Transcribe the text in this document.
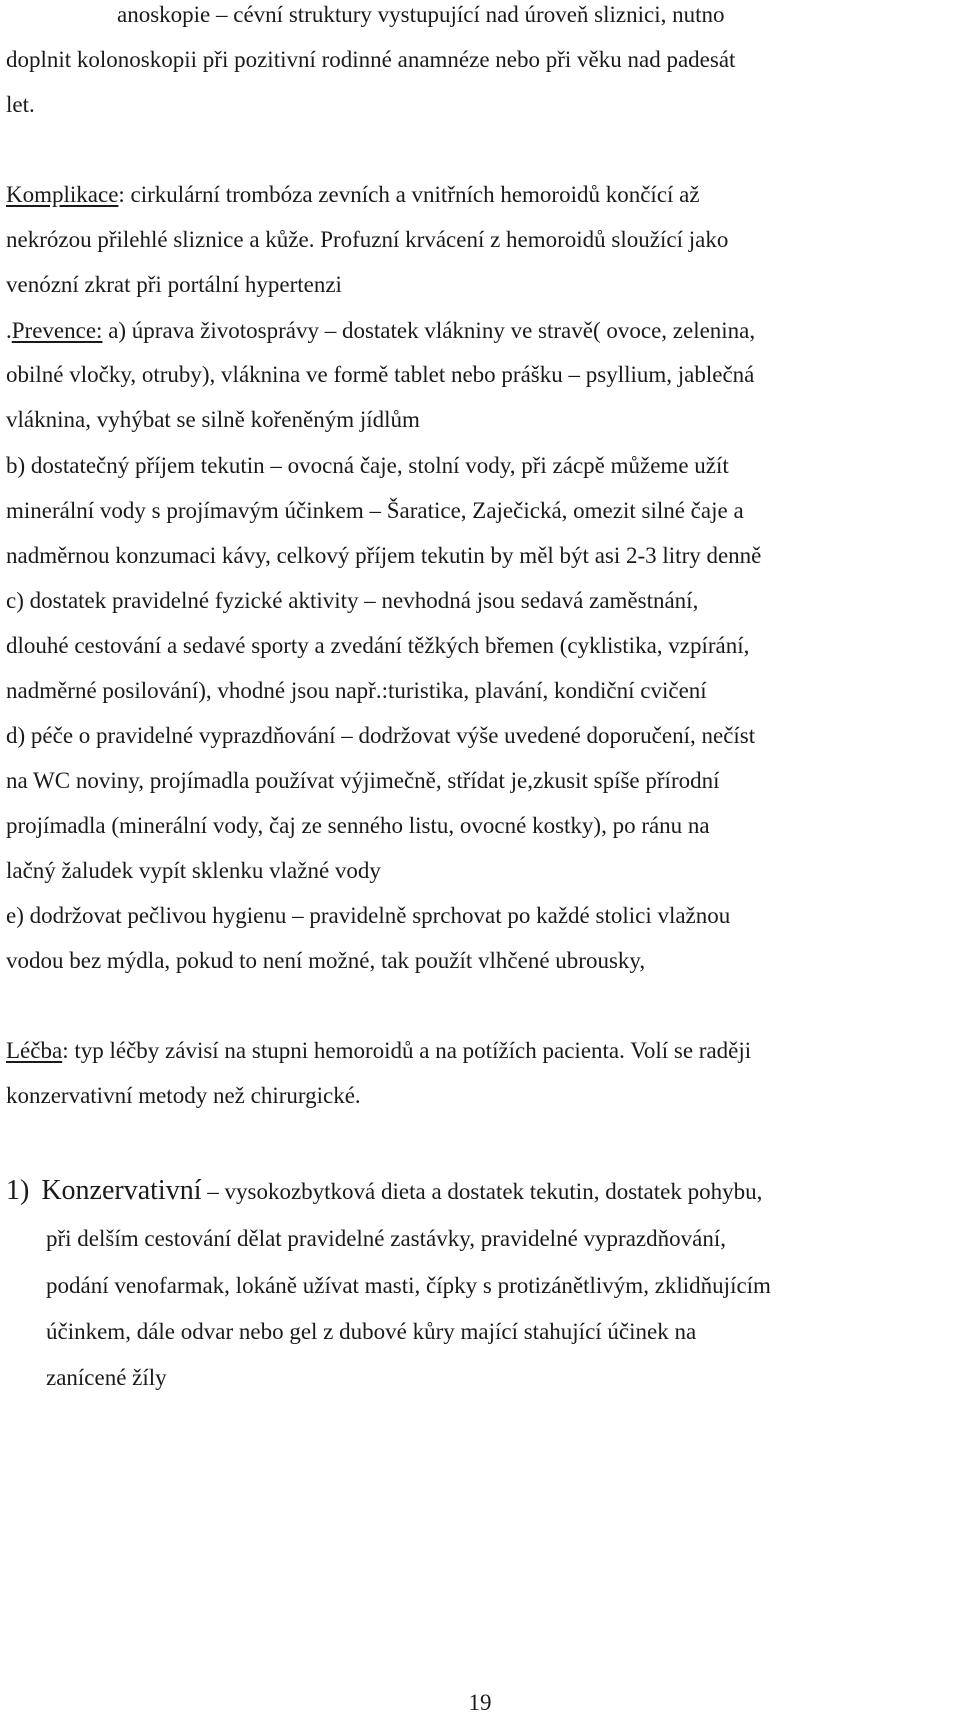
anoskopie – cévní struktury vystupující nad úroveň sliznici, nutno
doplnit kolonoskopii při pozitivní rodinné anamnéze nebo při věku nad padesát
let.
Komplikace: cirkulární trombóza zevních a vnitřních hemoroidů končící až
nekrózou přilehlé sliznice a kůže. Profuzní krvácení z hemoroidů sloužící jako
venózní zkrat při portální hypertenzi
.Prevence: a) úprava životosprávy – dostatek vlákniny ve stravě( ovoce, zelenina,
obilné vločky, otruby), vláknina ve formě tablet nebo prášku – psyllium, jablečná
vláknina, vyhýbat se silně kořeněným jídlům
b) dostatečný příjem tekutin – ovocná čaje, stolní vody, při zácpě můžeme užít
minerální vody s projímavým účinkem – Šaratice, Zaječická, omezit silné čaje a
nadměrnou konzumaci kávy, celkový příjem tekutin by měl být asi 2-3 litry denně
c) dostatek pravidelné fyzické aktivity – nevhodná jsou sedavá zaměstnání,
dlouhé cestování a sedavé sporty a zvedání těžkých břemen (cyklistika, vzpírání,
nadměrné posilování), vhodné jsou např.:turistika, plavání, kondiční cvičení
d) péče o pravidelné vyprazdňování – dodržovat výše uvedené doporučení, nečíst
na WC noviny, projímadla používat výjimečně, střídat je,zkusit spíše přírodní
projímadla (minerální vody, čaj ze senného listu, ovocné kostky), po ránu na
lačný žaludek vypít sklenku vlažné vody
e) dodržovat pečlivou hygienu – pravidelně sprchovat po každé stolici vlažnou
vodou bez mýdla, pokud to není možné, tak použít vlhčené ubrousky,
Léčba: typ léčby závisí na stupni hemoroidů a na potížích pacienta. Volí se raději
konzervativní metody než chirurgické.
1) Konzervativní – vysokozbytková dieta a dostatek tekutin, dostatek pohybu,
při delším cestování dělat pravidelné zastávky, pravidelné vyprazdňování,
podání venofarmak, lokáně užívat masti, čípky s protizánětlivým, zklidňujícím
účinkem, dále odvar nebo gel z dubové kůry mající stahující účinek na
zanícené žíly
19
